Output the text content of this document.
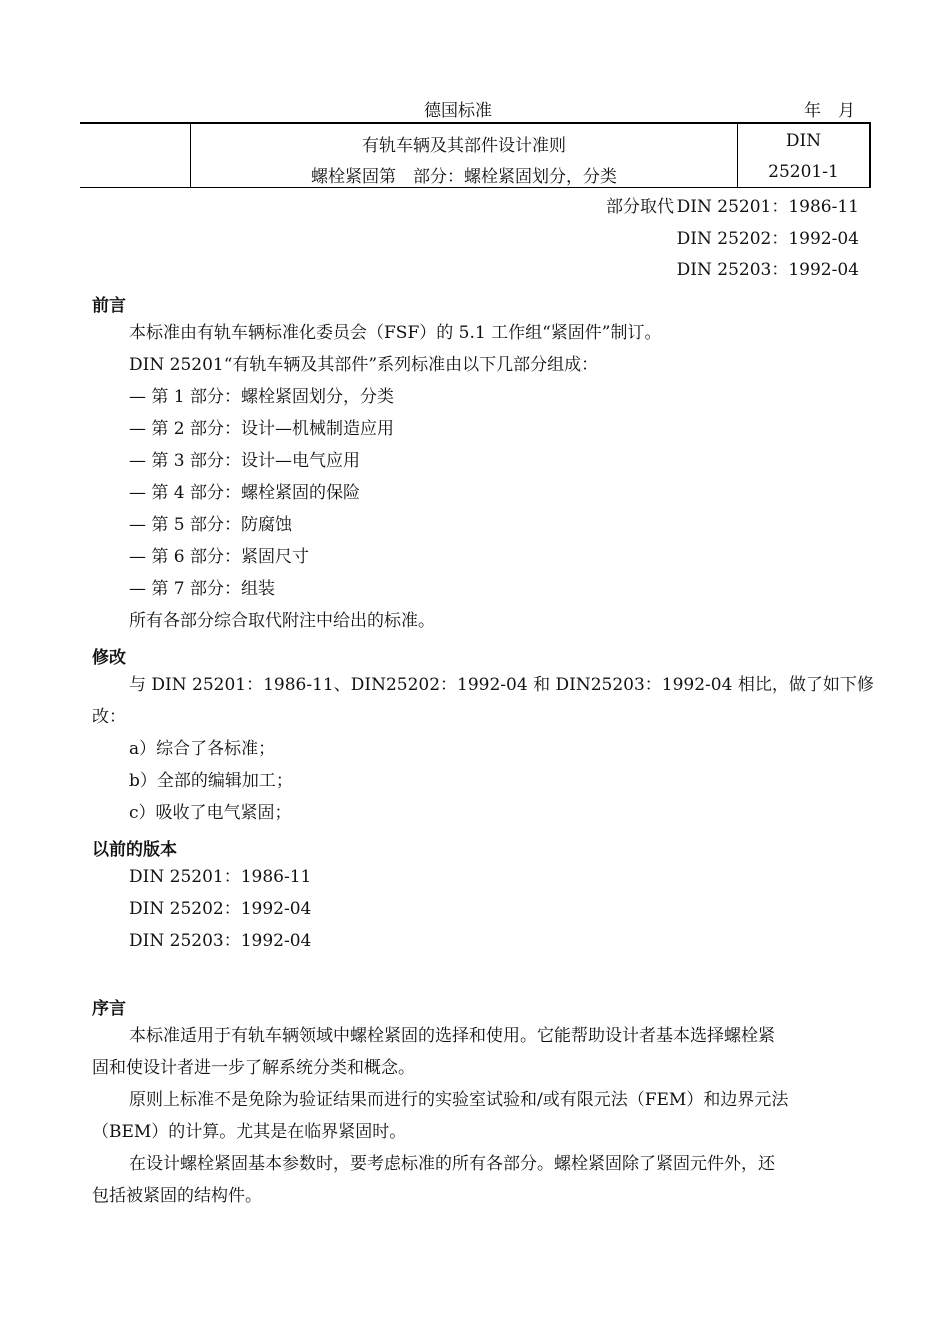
德国标准	年　月
有轨车辆及其部件设计准则
螺栓紧固第　部分：螺栓紧固划分，分类
DIN
25201-1
部分取代 DIN 25201：1986-11
DIN 25202：1992-04
DIN 25203：1992-04
前言
本标准由有轨车辆标准化委员会（FSF）的 5.1 工作组“紧固件”制订。
DIN 25201“有轨车辆及其部件”系列标准由以下几部分组成：
— 第 1 部分：螺栓紧固划分，分类
— 第 2 部分：设计—机械制造应用
— 第 3 部分：设计—电气应用
— 第 4 部分：螺栓紧固的保险
— 第 5 部分：防腐蚀
— 第 6 部分：紧固尺寸
— 第 7 部分：组装
所有各部分综合取代附注中给出的标准。
修改
与 DIN 25201：1986-11、DIN25202：1992-04 和 DIN25203：1992-04 相比，做了如下修
改：
a）综合了各标准；
b）全部的编辑加工；
c）吸收了电气紧固；
以前的版本
DIN 25201：1986-11
DIN 25202：1992-04
DIN 25203：1992-04
序言
本标准适用于有轨车辆领域中螺栓紧固的选择和使用。它能帮助设计者基本选择螺栓紧
固和使设计者进一步了解系统分类和概念。
原则上标准不是免除为验证结果而进行的实验室试验和/或有限元法（FEM）和边界元法
（BEM）的计算。尤其是在临界紧固时。
在设计螺栓紧固基本参数时，要考虑标准的所有各部分。螺栓紧固除了紧固元件外，还
包括被紧固的结构件。
